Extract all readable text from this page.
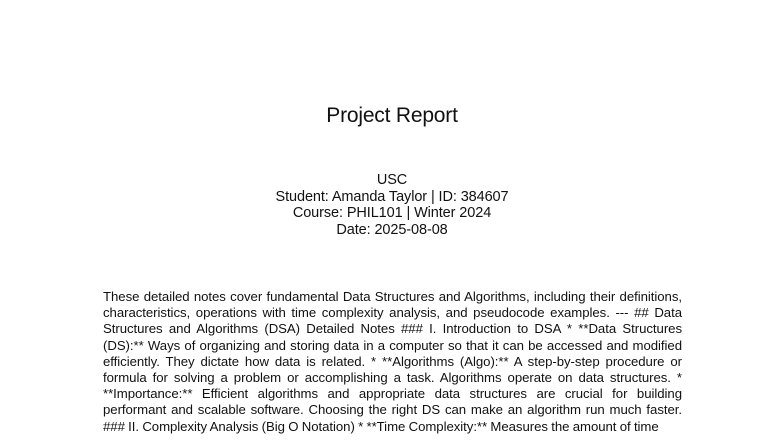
Project Report
USC
Student: Amanda Taylor | ID: 384607
Course: PHIL101 | Winter 2024
Date: 2025-08-08
These detailed notes cover fundamental Data Structures and Algorithms, including their definitions, characteristics, operations with time complexity analysis, and pseudocode examples. --- ## Data Structures and Algorithms (DSA) Detailed Notes ### I. Introduction to DSA * **Data Structures (DS):** Ways of organizing and storing data in a computer so that it can be accessed and modified efficiently. They dictate how data is related. * **Algorithms (Algo):** A step-by-step procedure or formula for solving a problem or accomplishing a task. Algorithms operate on data structures. * **Importance:** Efficient algorithms and appropriate data structures are crucial for building performant and scalable software. Choosing the right DS can make an algorithm run much faster. ### II. Complexity Analysis (Big O Notation) * **Time Complexity:** Measures the amount of time
